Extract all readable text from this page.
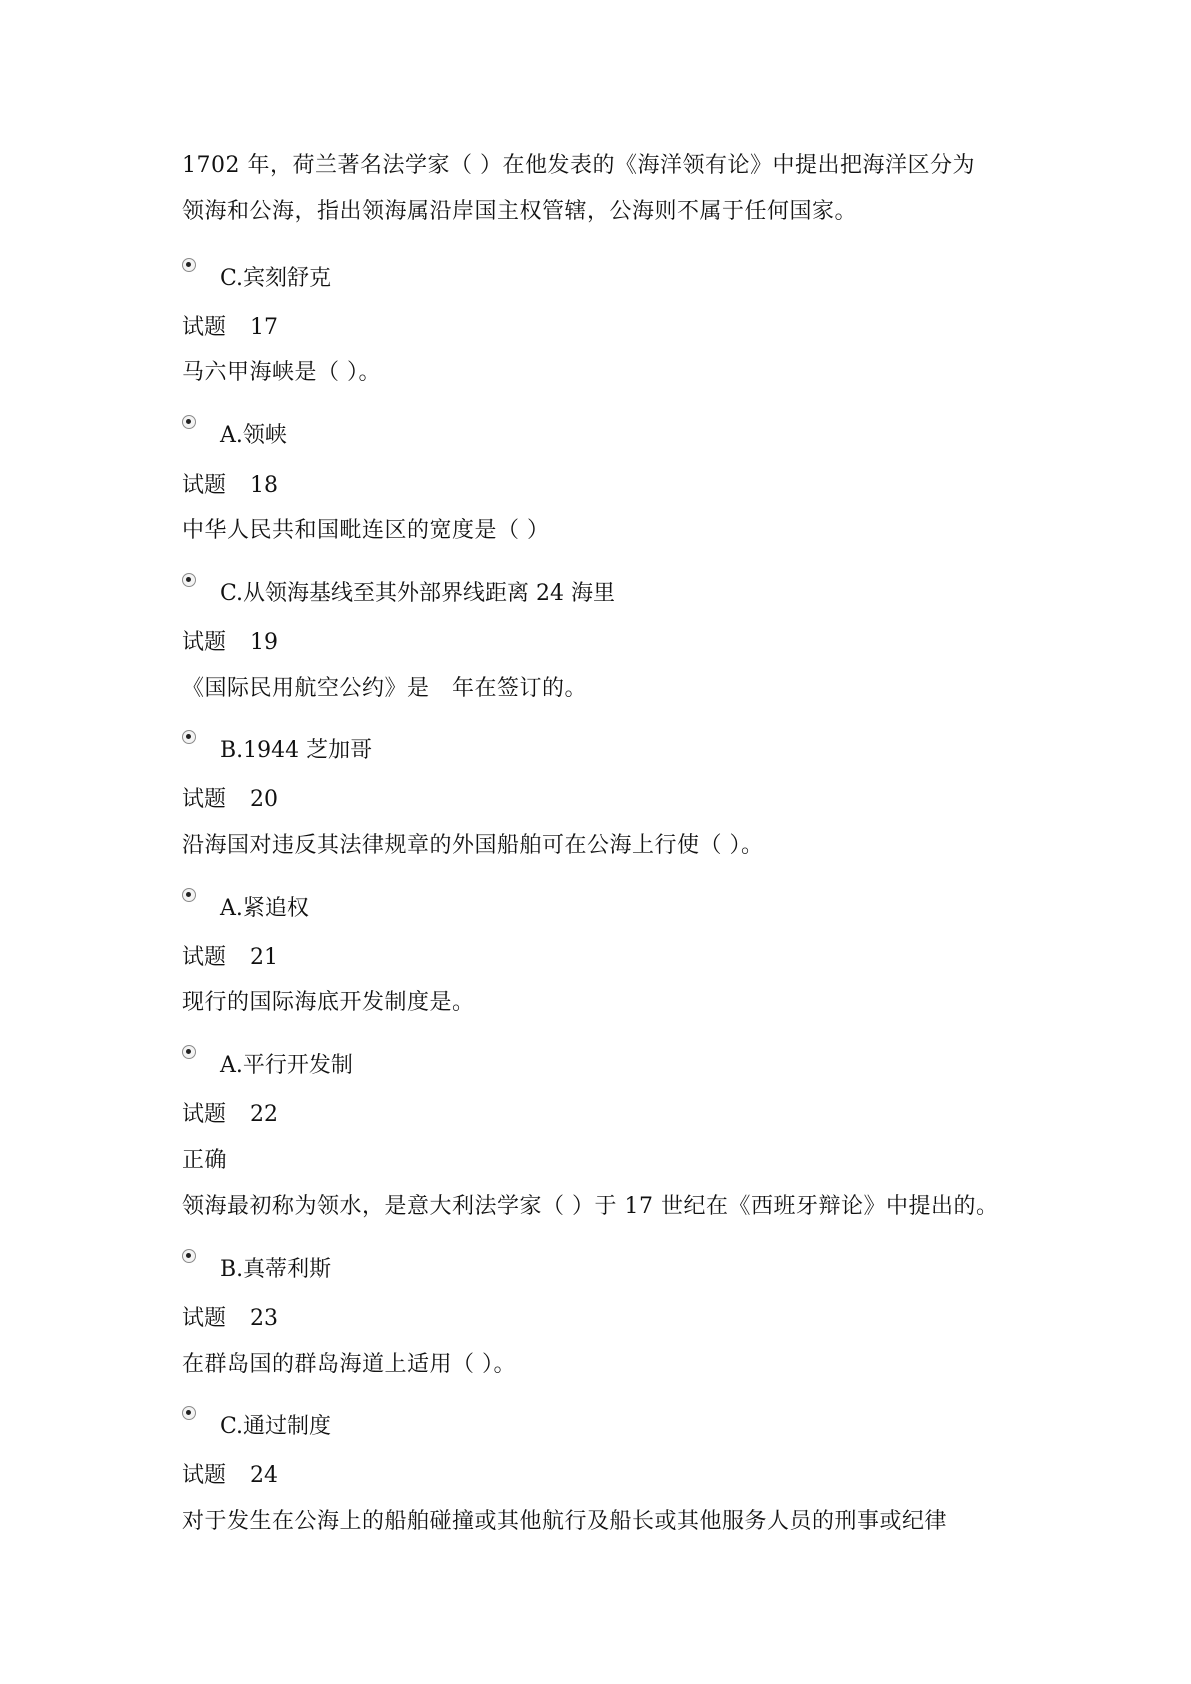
1702 年，荷兰著名法学家（ ）在他发表的《海洋领有论》中提出把海洋区分为
领海和公海，指出领海属沿岸国主权管辖，公海则不属于任何国家。
C.宾刻舒克
试题 17
马六甲海峡是（ ）。
A.领峡
试题 18
中华人民共和国毗连区的宽度是（ ）
C.从领海基线至其外部界线距离 24 海里
试题 19
《国际民用航空公约》是　年在签订的。
B.1944 芝加哥
试题 20
沿海国对违反其法律规章的外国船舶可在公海上行使（ ）。
A.紧追权
试题 21
现行的国际海底开发制度是。
A.平行开发制
试题 22
正确
领海最初称为领水，是意大利法学家（ ）于 17 世纪在《西班牙辩论》中提出的。
B.真蒂利斯
试题 23
在群岛国的群岛海道上适用（ ）。
C.通过制度
试题 24
对于发生在公海上的船舶碰撞或其他航行及船长或其他服务人员的刑事或纪律
